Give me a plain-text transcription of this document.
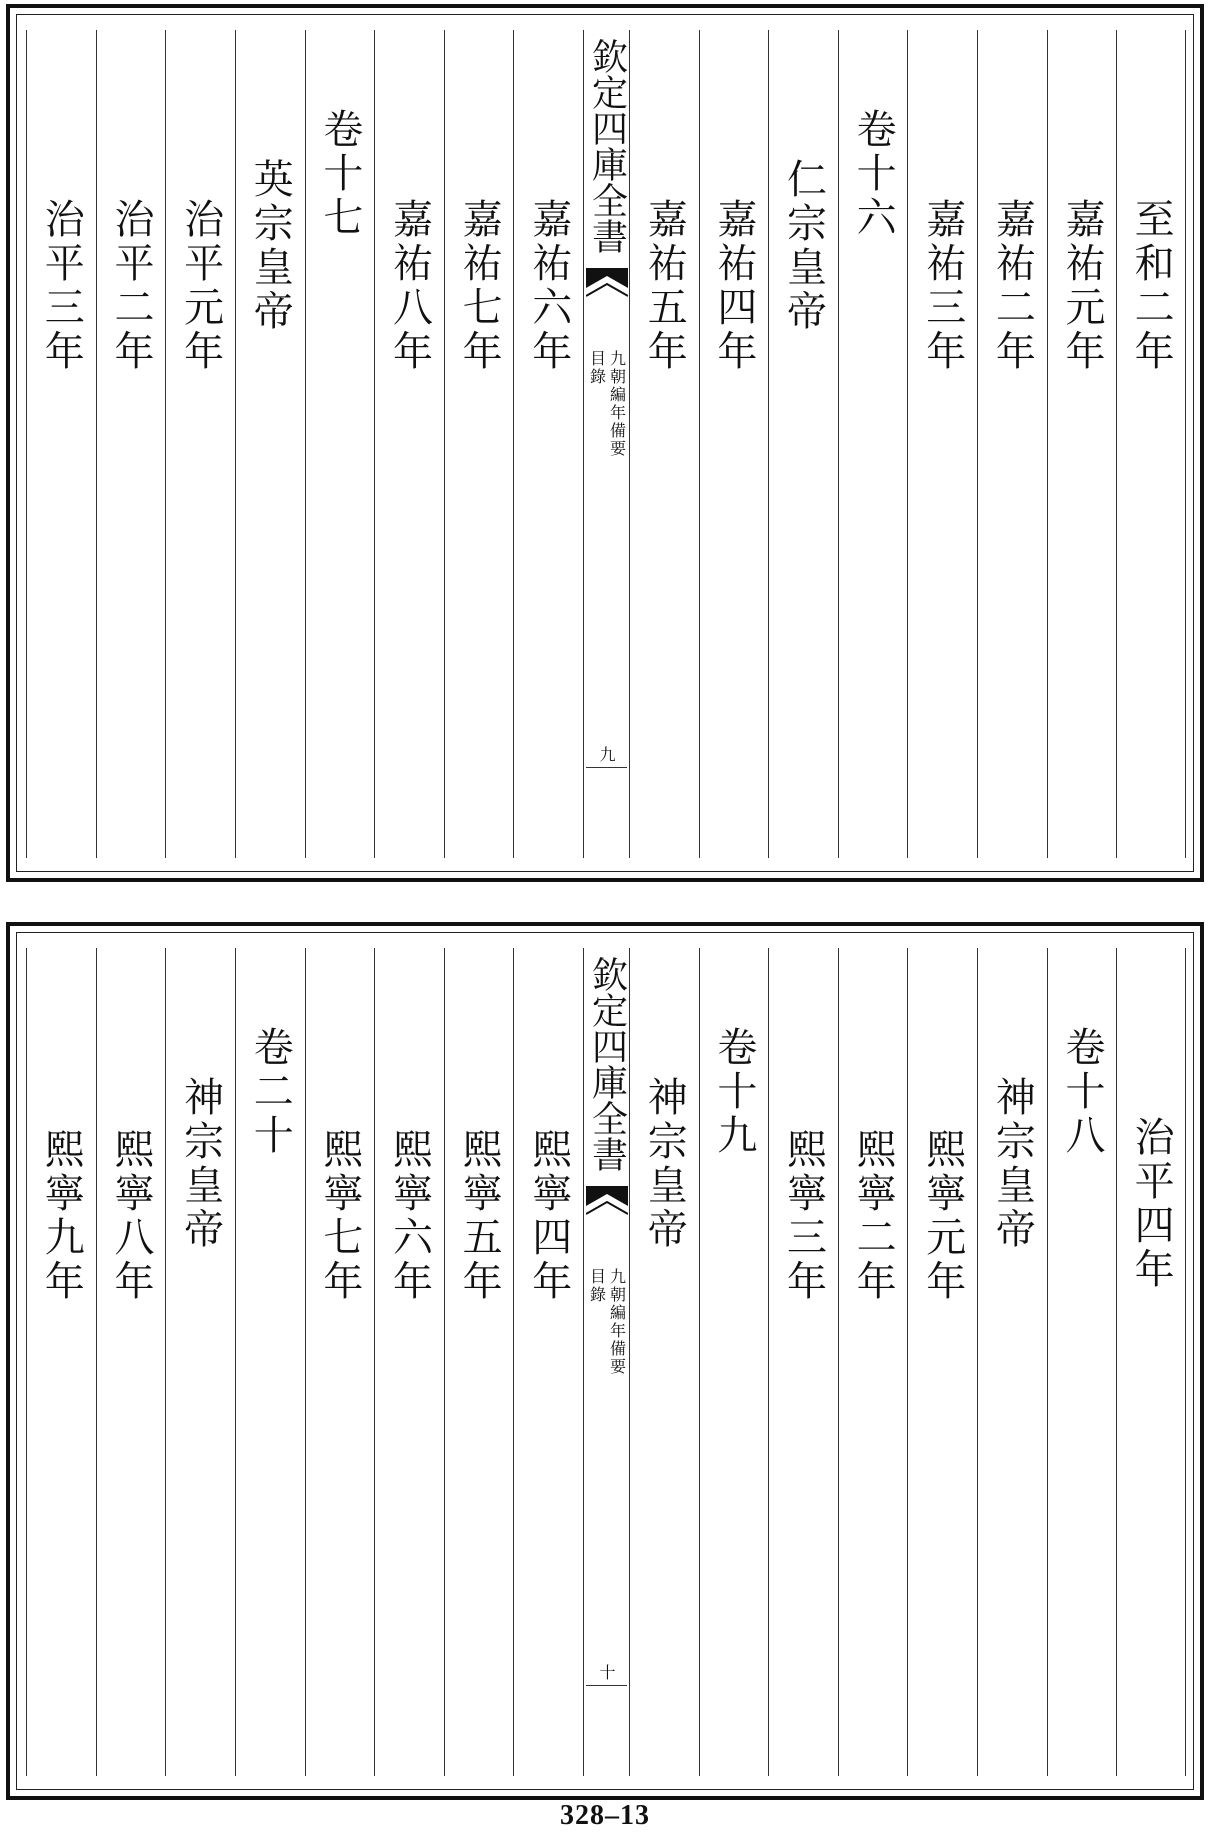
至和二年
嘉祐元年
嘉祐二年
嘉祐三年
卷十六
仁宗皇帝
嘉祐四年
嘉祐五年
欽定四庫全書
九朝編年備要
目錄
九
嘉祐六年
嘉祐七年
嘉祐八年
卷十七
英宗皇帝
治平元年
治平二年
治平三年
治平四年
卷十八
神宗皇帝
熙寧元年
熙寧二年
熙寧三年
卷十九
神宗皇帝
欽定四庫全書
九朝編年備要
目錄
十
熙寧四年
熙寧五年
熙寧六年
熙寧七年
卷二十
神宗皇帝
熙寧八年
熙寧九年
328–13
